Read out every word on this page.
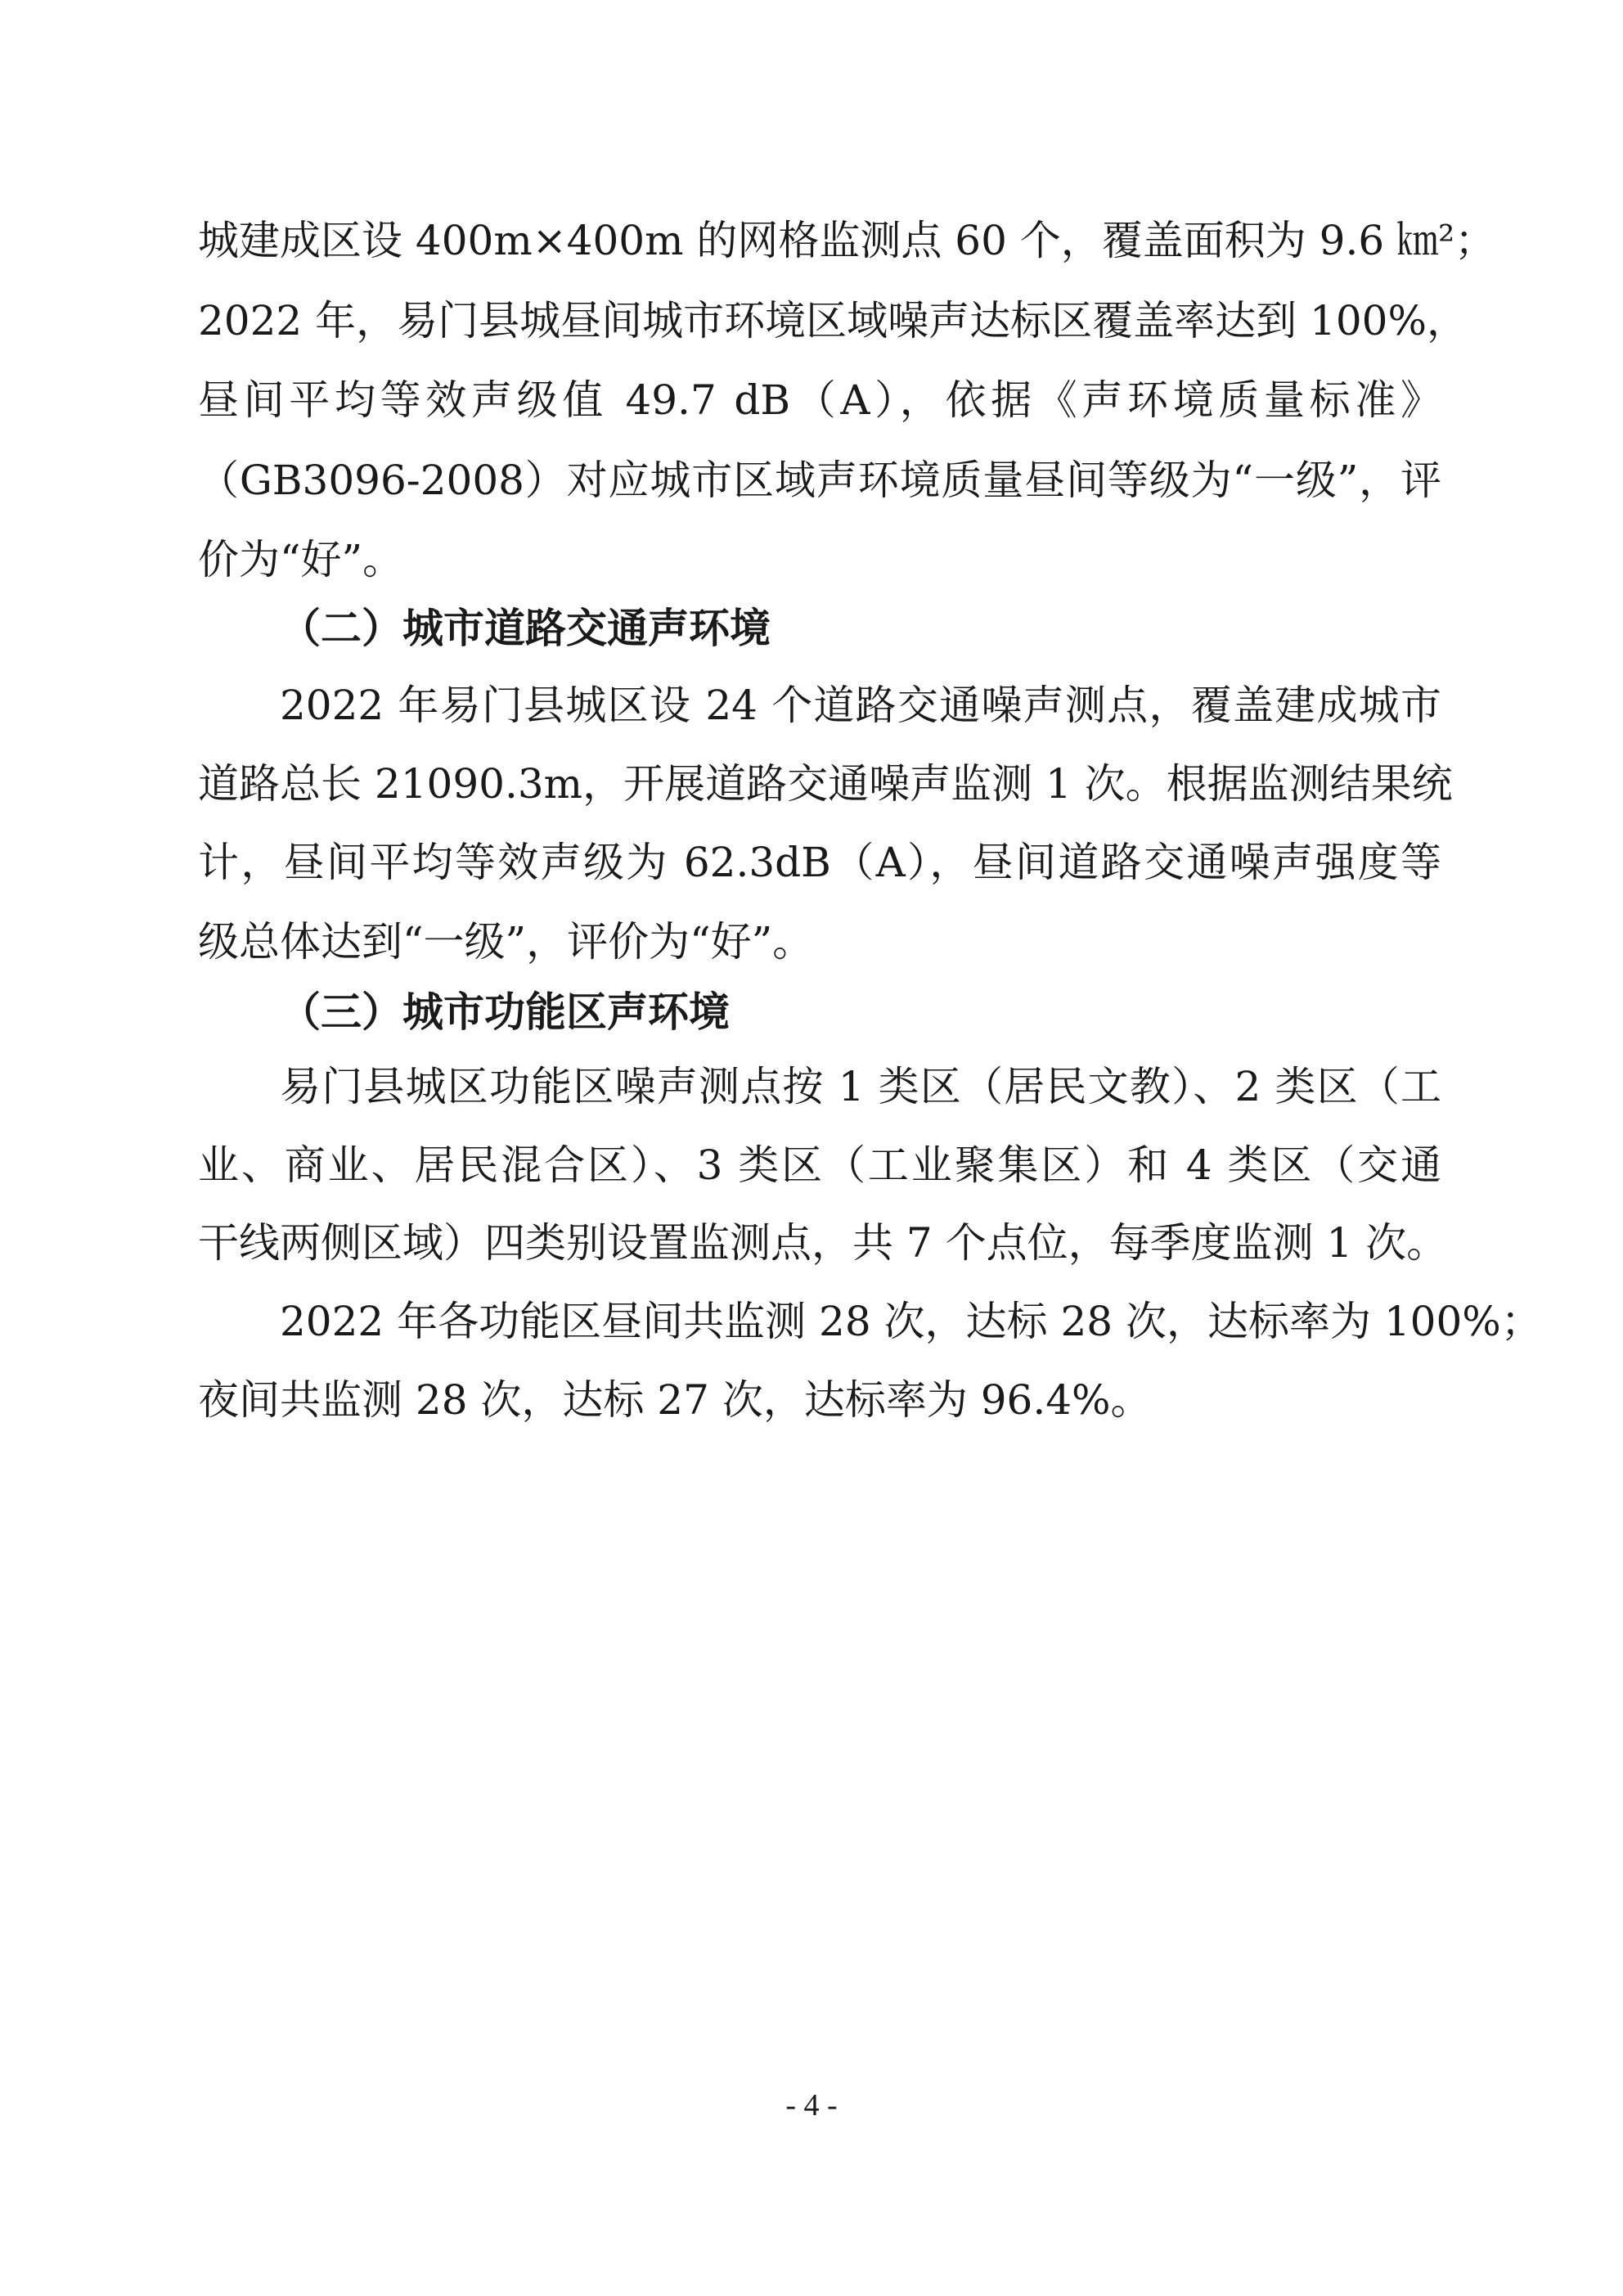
城建成区设 400m×400m 的网格监测点 60 个，覆盖面积为 9.6 ㎞²；
2022 年，易门县城昼间城市环境区域噪声达标区覆盖率达到 100%，
昼间平均等效声级值 49.7 dB（A），依据《声环境质量标准》
（GB3096-2008）对应城市区域声环境质量昼间等级为“一级”，评
价为“好”。
（二）城市道路交通声环境
2022 年易门县城区设 24 个道路交通噪声测点，覆盖建成城市
道路总长 21090.3m，开展道路交通噪声监测 1 次。根据监测结果统
计，昼间平均等效声级为 62.3dB（A），昼间道路交通噪声强度等
级总体达到“一级”，评价为“好”。
（三）城市功能区声环境
易门县城区功能区噪声测点按 1 类区（居民文教）、2 类区（工
业、商业、居民混合区）、3 类区（工业聚集区）和 4 类区（交通
干线两侧区域）四类别设置监测点，共 7 个点位，每季度监测 1 次。
2022 年各功能区昼间共监测 28 次，达标 28 次，达标率为 100%；
夜间共监测 28 次，达标 27 次，达标率为 96.4%。
- 4 -
